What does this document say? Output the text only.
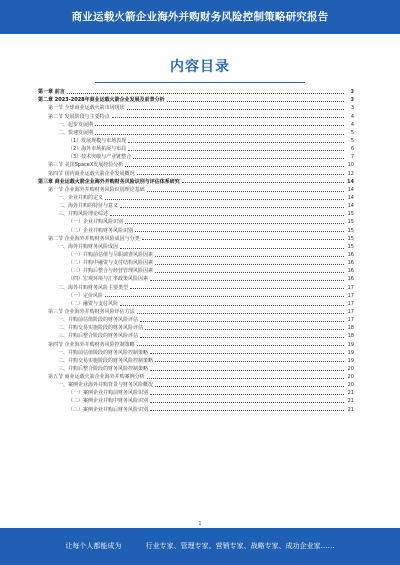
商业运载火箭企业海外并购财务风险控制策略研究报告
内容目录
第一章 前言	3
第二章 2023-2028年商业运载火箭企业发展及前景分析	3
第一节 全球商业运载火箭市场现状	3
第二节 发展阶段与主要特点	4
一、起步发展期	4
二、快速发展期	5
（1）发展规模与市场表现	5
（2）海外市场拓展与布局	6
（3）技术突破与产业链整合	7
第三节 美国SpaceX发展经验分析	10
第四节 国内商业运载火箭企业发展概况	12
第三章 商业运载火箭企业海外并购财务风险识别与评估体系研究	14
第一节 企业海外并购财务风险识别理论基础	14
一、企业并购的定义	14
二、海外并购的特征与意义	14
三、并购风险理论综述	15
（一）企业并购风险识别	15
（二）企业并购财务风险识别	15
第二节 企业海外并购财务风险成因与分类	15
一、海外并购财务风险成因	15
（一）并购前估值与尽职调查风险因素	16
（二）并购中融资与支付结构风险因素	16
（三）并购后整合与经营管理风险因素	16
（四）宏观环境与汇率政策风险因素	16
二、海外并购财务风险主要类型	17
（一）定价风险	17
（二）融资与支付风险	17
第三节 企业海外并购财务风险评估方法	17
一、并购前估值阶段的财务风险评估	17
二、并购交易实施阶段的财务风险评估	18
三、并购后整合阶段的财务风险评估	18
第四节 企业海外并购财务风险控制策略	19
一、并购前估值阶段的财务风险控制策略	19
二、并购交易实施阶段的财务风险控制策略	19
三、并购后整合阶段的财务风险控制策略	20
第五节 商业运载火箭企业海外并购案例分析	20
一、案例企业海外并购背景与财务风险概况	20
（一）案例企业并购前财务风险识别	21
（二）案例企业并购中财务风险识别	21
（三）案例企业并购后财务风险识别	21
1
让每个人都能成为	行业专家、管理专家、营销专家、战略专家、成功企业家……
